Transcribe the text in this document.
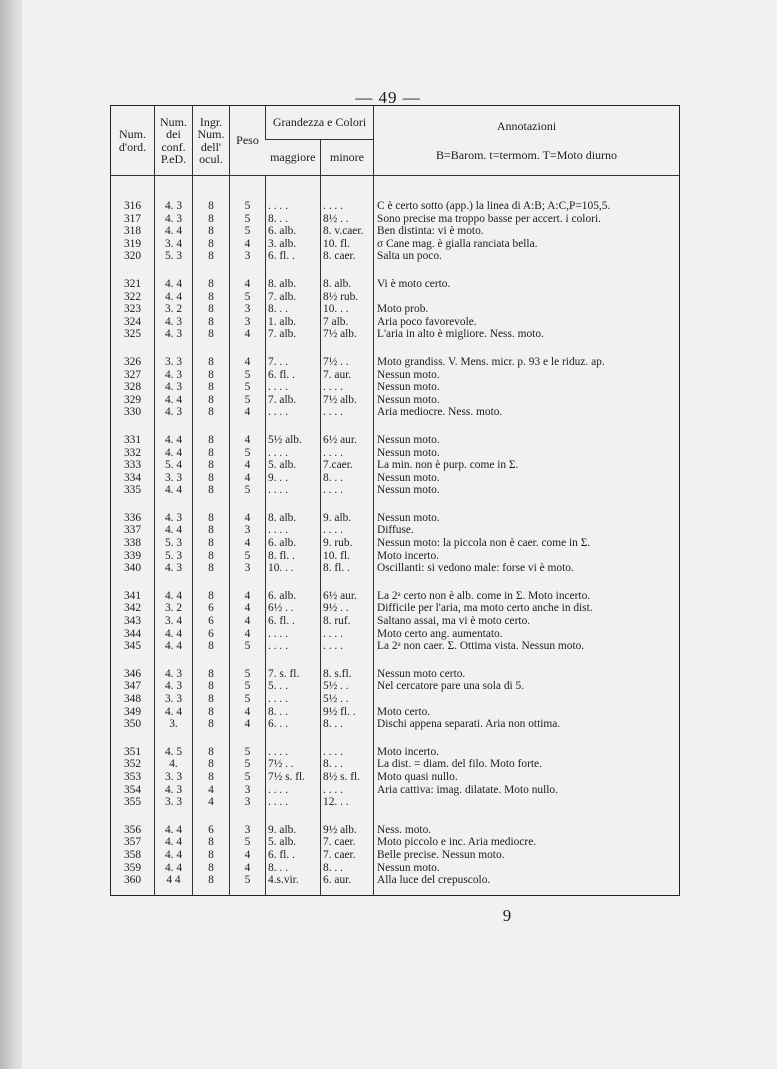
— 49 —
Num. d'ord.	Num. dei conf. P.eD.	Ingr. Num. dell' ocul.	Peso	Grandezza e Colori		Annotazioni
B=Barom. t=termom. T=Moto diurno

				maggiore	minore	

316	4. 3	8	5	. . . .	. . . .	C è certo sotto (app.) la linea di A:B; A:C,P=105,5.
317	4. 3	8	5	8. . .	8½ . .	Sono precise ma troppo basse per accert. i colori.
318	4. 4	8	5	6. alb.	8. v.caer.	Ben distinta: vi è moto.
319	3. 4	8	4	3. alb.	10. fl.	σ Cane mag. è gialla ranciata bella.
320	5. 3	8	3	6. fl. .	8. caer.	Salta un poco.

321	4. 4	8	4	8. alb.	8. alb.	Vi è moto certo.
322	4. 4	8	5	7. alb.	8½ rub.	
323	3. 2	8	3	8. . .	10. . .	Moto prob.
324	4. 3	8	3	1. alb.	7 alb.	Aria poco favorevole.
325	4. 3	8	4	7. alb.	7½ alb.	L'aria in alto è migliore. Ness. moto.

326	3. 3	8	4	7. . .	7½ . .	Moto grandiss. V. Mens. micr. p. 93 e le riduz. ap.
327	4. 3	8	5	6. fl. .	7. aur.	Nessun moto.
328	4. 3	8	5	. . . .	. . . .	Nessun moto.
329	4. 4	8	5	7. alb.	7½ alb.	Nessun moto.
330	4. 3	8	4	. . . .	. . . .	Aria mediocre. Ness. moto.

331	4. 4	8	4	5½ alb.	6½ aur.	Nessun moto.
332	4. 4	8	5	. . . .	. . . .	Nessun moto.
333	5. 4	8	4	5. alb.	7.caer.	La min. non è purp. come in Σ.
334	3. 3	8	4	9. . .	8. . .	Nessun moto.
335	4. 4	8	5	. . . .	. . . .	Nessun moto.

336	4. 3	8	4	8. alb.	9. alb.	Nessun moto.
337	4. 4	8	3	. . . .	. . . .	Diffuse.
338	5. 3	8	4	6. alb.	9. rub.	Nessun moto: la piccola non è caer. come in Σ.
339	5. 3	8	5	8. fl. .	10. fl.	Moto incerto.
340	4. 3	8	3	10. . .	8. fl. .	Oscillanti: si vedono male: forse vi è moto.

341	4. 4	8	4	6. alb.	6½ aur.	La 2ᵃ certo non è alb. come in Σ. Moto incerto.
342	3. 2	6	4	6½ . .	9½ . .	Difficile per l'aria, ma moto certo anche in dist.
343	3. 4	6	4	6. fl. .	8. ruf.	Saltano assai, ma vi è moto certo.
344	4. 4	6	4	. . . .	. . . .	Moto certo ang. aumentato.
345	4. 4	8	5	. . . .	. . . .	La 2ᵃ non caer. Σ. Ottima vista. Nessun moto.

346	4. 3	8	5	7. s. fl.	8. s.fl.	Nessun moto certo.
347	4. 3	8	5	5. . .	5½ . .	Nel cercatore pare una sola di 5.
348	3. 3	8	5	. . . .	5½ . .	
349	4. 4	8	4	8. . .	9½ fl. .	Moto certo.
350	3.	8	4	6. . .	8. . .	Dischi appena separati. Aria non ottima.

351	4. 5	8	5	. . . .	. . . .	Moto incerto.
352	4.	8	5	7½ . .	8. . .	La dist. = diam. del filo. Moto forte.
353	3. 3	8	5	7½ s. fl.	8½ s. fl.	Moto quasi nullo.
354	4. 3	4	3	. . . .	. . . .	Aria cattiva: imag. dilatate. Moto nullo.
355	3. 3	4	3	. . . .	12. . .	

356	4. 4	6	3	9. alb.	9½ alb.	Ness. moto.
357	4. 4	8	5	5. alb.	7. caer.	Moto piccolo e inc. Aria mediocre.
358	4. 4	8	4	6. fl. .	7. caer.	Belle precise. Nessun moto.
359	4. 4	8	4	8. . .	8. . .	Nessun moto.
360	4 4	8	5	4.s.vir.	6. aur.	Alla luce del crepuscolo.

9
